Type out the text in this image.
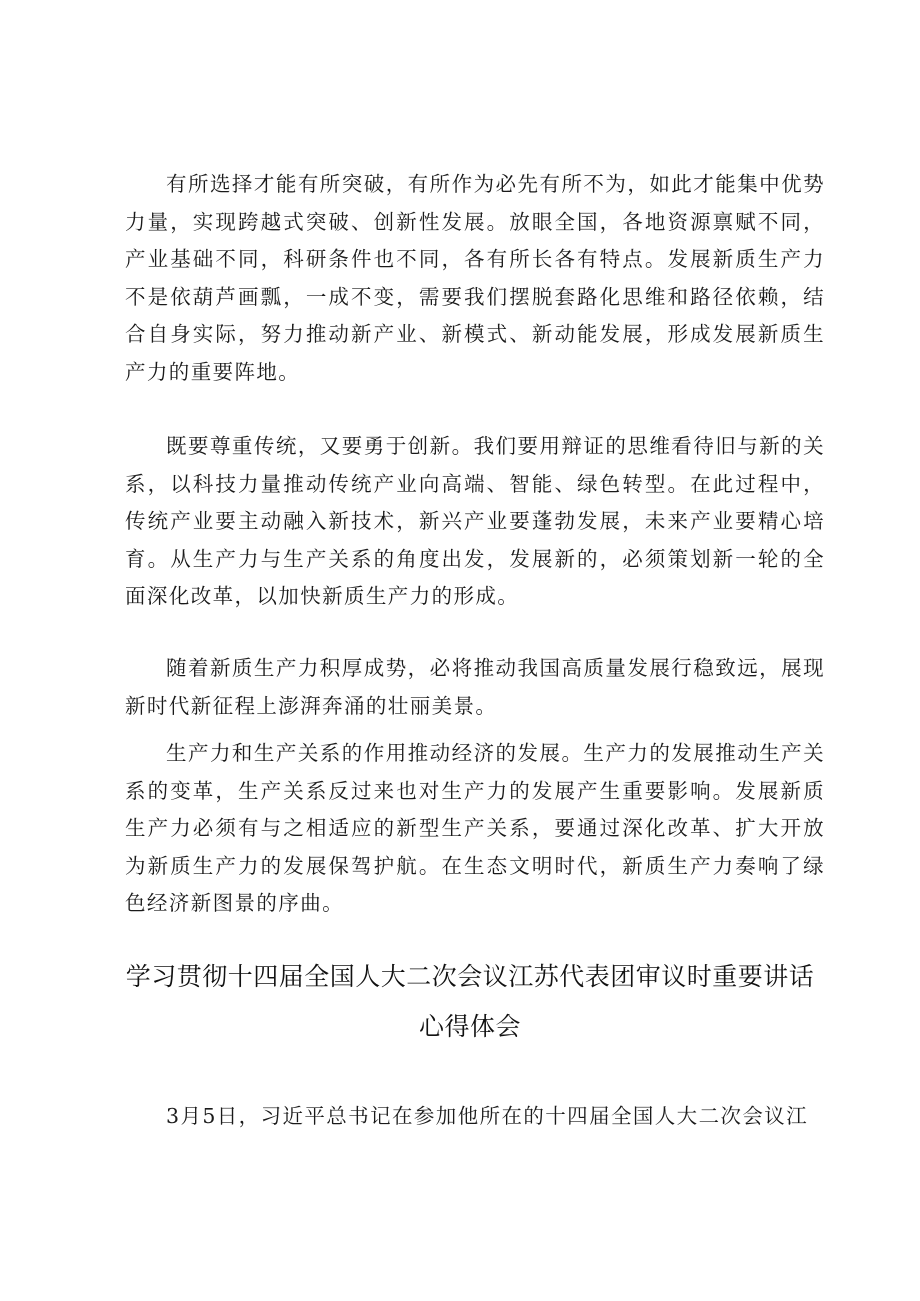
有所选择才能有所突破，有所作为必先有所不为，如此才能集中优势力量，实现跨越式突破、创新性发展。放眼全国，各地资源禀赋不同，产业基础不同，科研条件也不同，各有所长各有特点。发展新质生产力不是依葫芦画瓢，一成不变，需要我们摆脱套路化思维和路径依赖，结合自身实际，努力推动新产业、新模式、新动能发展，形成发展新质生产力的重要阵地。

既要尊重传统，又要勇于创新。我们要用辩证的思维看待旧与新的关系，以科技力量推动传统产业向高端、智能、绿色转型。在此过程中，传统产业要主动融入新技术，新兴产业要蓬勃发展，未来产业要精心培育。从生产力与生产关系的角度出发，发展新的，必须策划新一轮的全面深化改革，以加快新质生产力的形成。

随着新质生产力积厚成势，必将推动我国高质量发展行稳致远，展现新时代新征程上澎湃奔涌的壮丽美景。

生产力和生产关系的作用推动经济的发展。生产力的发展推动生产关系的变革，生产关系反过来也对生产力的发展产生重要影响。发展新质生产力必须有与之相适应的新型生产关系，要通过深化改革、扩大开放为新质生产力的发展保驾护航。在生态文明时代，新质生产力奏响了绿色经济新图景的序曲。

学习贯彻十四届全国人大二次会议江苏代表团审议时重要讲话心得体会

3月5日，习近平总书记在参加他所在的十四届全国人大二次会议江
